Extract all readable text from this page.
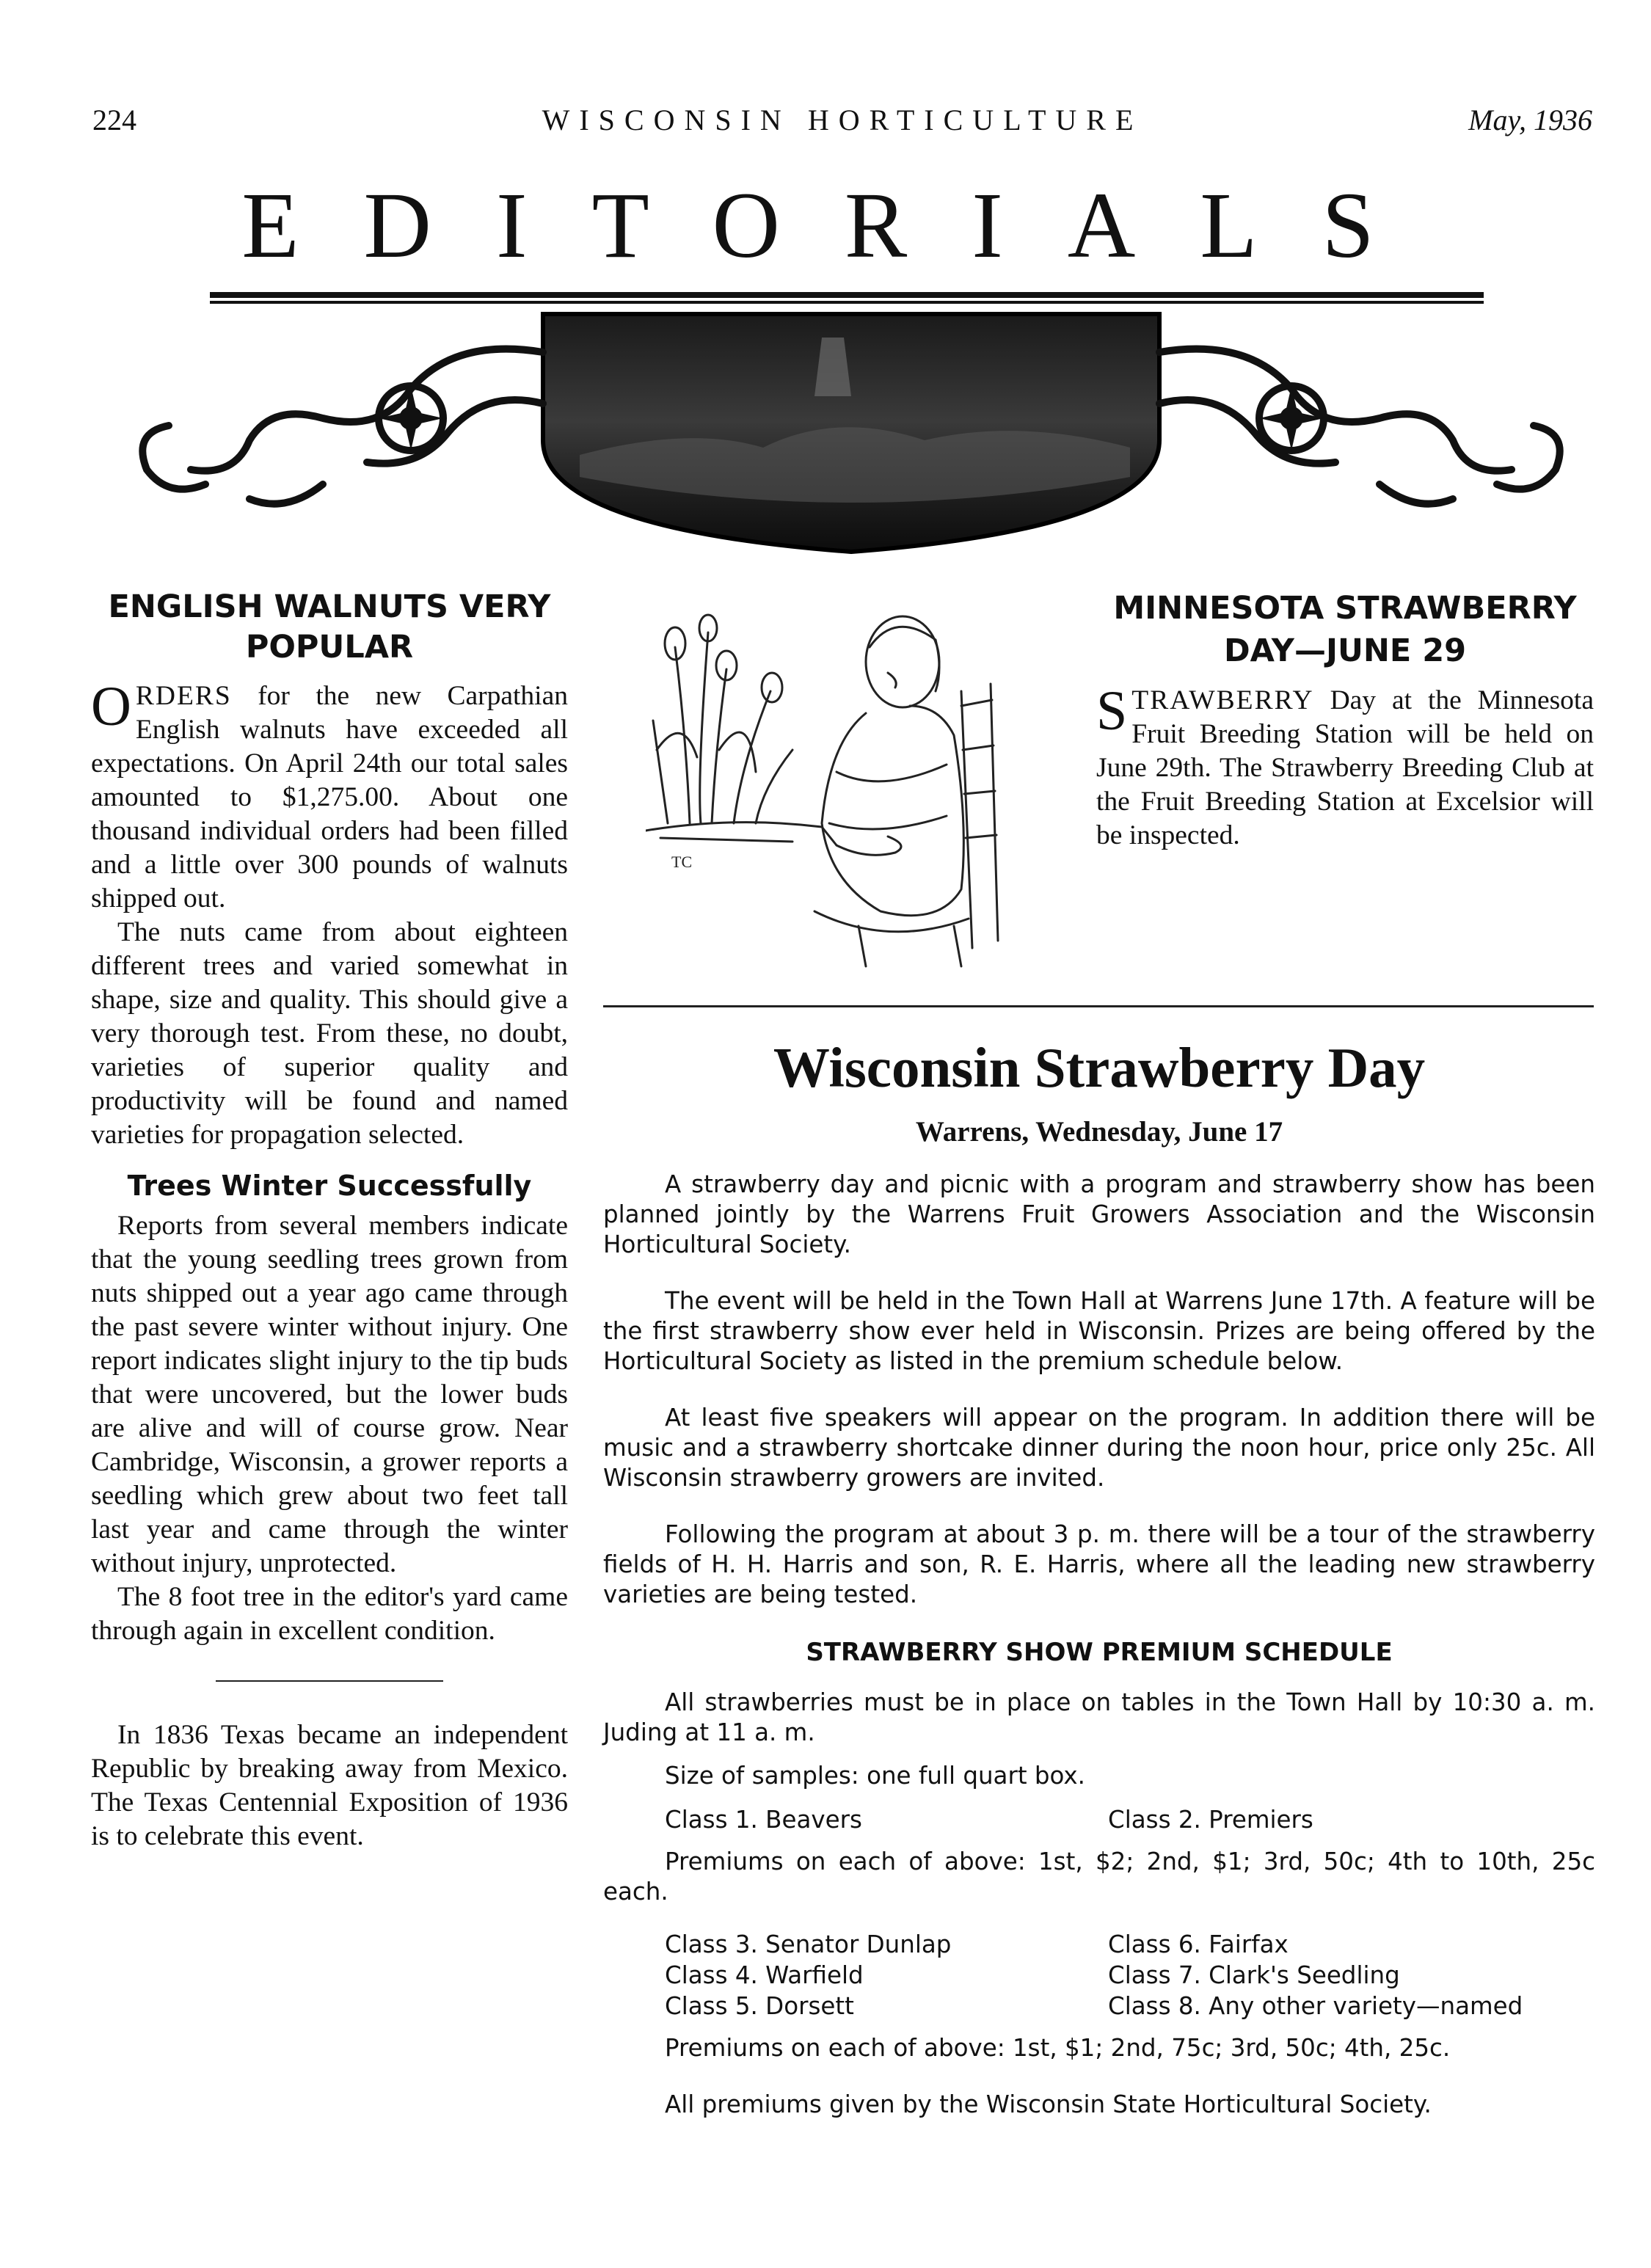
224	WISCONSIN HORTICULTURE	May, 1936
EDITORIALS
ENGLISH WALNUTS VERY
POPULAR

ORDERS for the new Carpathian English walnuts have exceeded all expectations. On April 24th our total sales amounted to $1,275.00. About one thousand individual orders had been filled and a little over 300 pounds of walnuts shipped out.

The nuts came from about eighteen different trees and varied somewhat in shape, size and quality. This should give a very thorough test. From these, no doubt, varieties of superior quality and productivity will be found and named varieties for propagation selected.

Trees Winter Successfully

Reports from several members indicate that the young seedling trees grown from nuts shipped out a year ago came through the past severe winter without injury. One report indicates slight injury to the tip buds that were uncovered, but the lower buds are alive and will of course grow. Near Cambridge, Wisconsin, a grower reports a seedling which grew about two feet tall last year and came through the winter without injury, unprotected.

The 8 foot tree in the editor's yard came through again in excellent condition.

In 1836 Texas became an independent Republic by breaking away from Mexico. The Texas Centennial Exposition of 1936 is to celebrate this event.

TC
MINNESOTA STRAWBERRY
DAY—JUNE 29

STRAWBERRY Day at the Minnesota Fruit Breeding Station will be held on June 29th. The Strawberry Breeding Club at the Fruit Breeding Station at Excelsior will be inspected.

Wisconsin Strawberry Day
Warrens, Wednesday, June 17

A strawberry day and picnic with a program and strawberry show has been planned jointly by the Warrens Fruit Growers Association and the Wisconsin Horticultural Society.

The event will be held in the Town Hall at Warrens June 17th. A feature will be the first strawberry show ever held in Wisconsin. Prizes are being offered by the Horticultural Society as listed in the premium schedule below.

At least five speakers will appear on the program. In addition there will be music and a strawberry shortcake dinner during the noon hour, price only 25c. All Wisconsin strawberry growers are invited.

Following the program at about 3 p. m. there will be a tour of the strawberry fields of H. H. Harris and son, R. E. Harris, where all the leading new strawberry varieties are being tested.

STRAWBERRY SHOW PREMIUM SCHEDULE

All strawberries must be in place on tables in the Town Hall by 10:30 a. m. Juding at 11 a. m.

Size of samples: one full quart box.

Class 1. Beavers	Class 2. Premiers

Premiums on each of above: 1st, $2; 2nd, $1; 3rd, 50c; 4th to 10th, 25c each.

Class 3. Senator Dunlap	Class 6. Fairfax
Class 4. Warfield	Class 7. Clark's Seedling
Class 5. Dorsett	Class 8. Any other variety—named

Premiums on each of above: 1st, $1; 2nd, 75c; 3rd, 50c; 4th, 25c.

All premiums given by the Wisconsin State Horticultural Society.
